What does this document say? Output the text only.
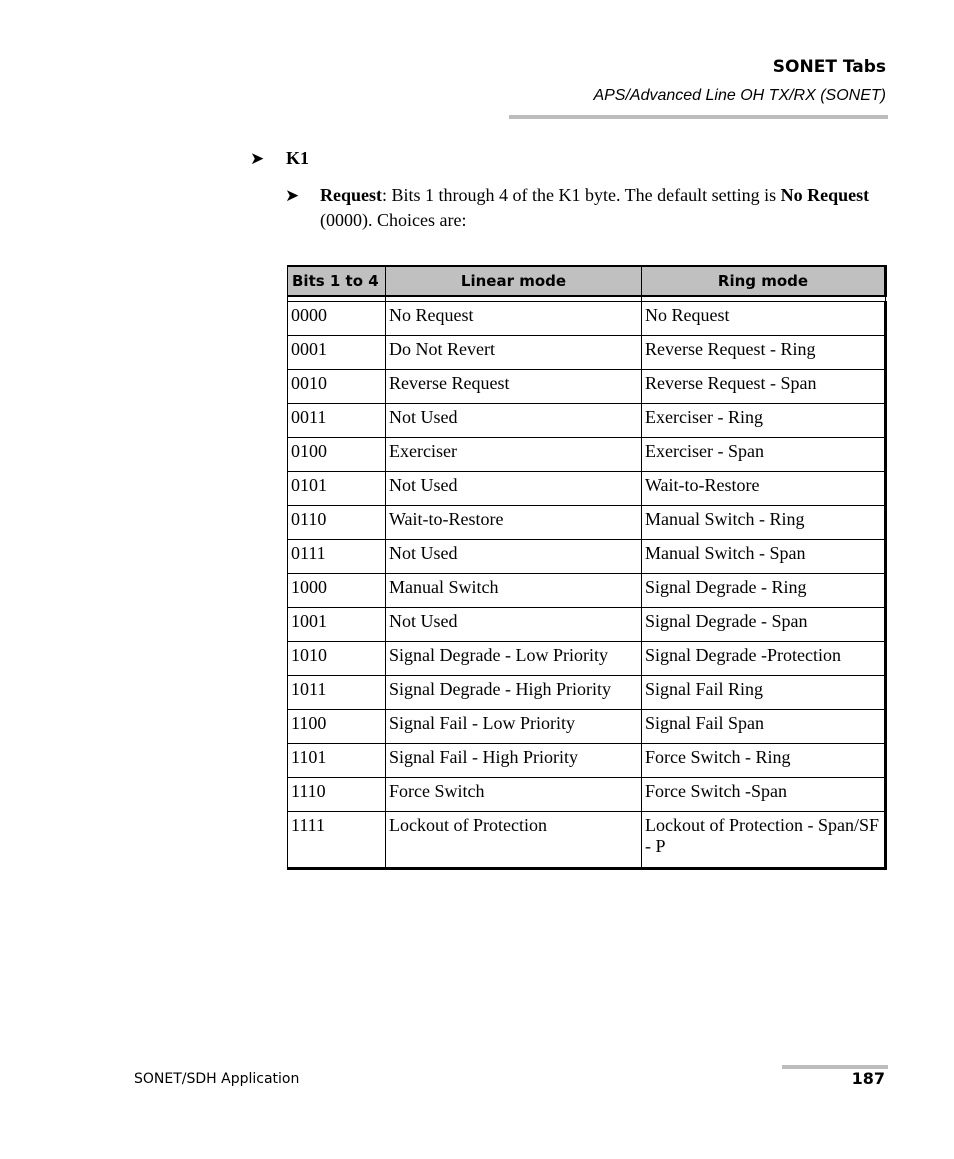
SONET Tabs
APS/Advanced Line OH TX/RX (SONET)
➤ K1
➤	Request: Bits 1 through 4 of the K1 byte. The default setting is No Request (0000). Choices are:
Bits 1 to 4	Linear mode	Ring mode

0000	No Request	No Request
0001	Do Not Revert	Reverse Request - Ring
0010	Reverse Request	Reverse Request - Span
0011	Not Used	Exerciser - Ring
0100	Exerciser	Exerciser - Span
0101	Not Used	Wait-to-Restore
0110	Wait-to-Restore	Manual Switch - Ring
0111	Not Used	Manual Switch - Span
1000	Manual Switch	Signal Degrade - Ring
1001	Not Used	Signal Degrade - Span
1010	Signal Degrade - Low Priority	Signal Degrade -Protection
1011	Signal Degrade - High Priority	Signal Fail Ring
1100	Signal Fail - Low Priority	Signal Fail Span
1101	Signal Fail - High Priority	Force Switch - Ring
1110	Force Switch	Force Switch -Span
1111	Lockout of Protection	Lockout of Protection - Span/SF - P
SONET/SDH Application	187
